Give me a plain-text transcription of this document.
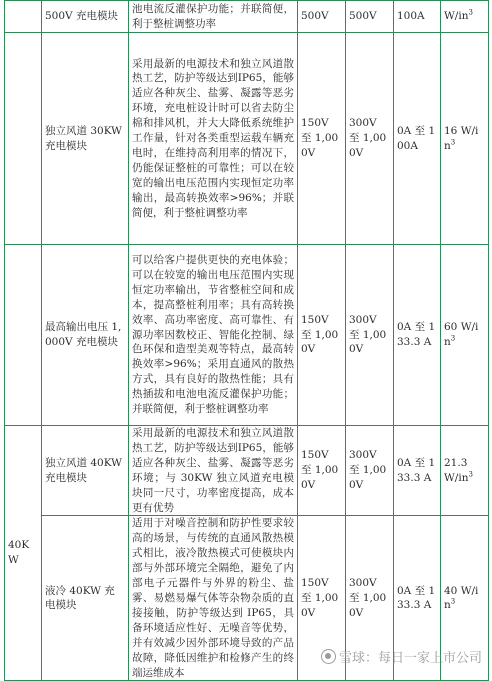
	500V 充电模块	池电流反灌保护功能；并联简便，利于整桩调整功率	500V	500V	100A	$W/in^3$
	独立风道 30KW 充电模块	采用最新的电源技术和独立风道散热工艺，防护等级达到IP65，能够适应各种灰尘、盐雾、凝露等恶劣环境，充电桩设计时可以省去防尘棉和排风机，并大大降低系统维护工作量，针对各类重型运载车辆充电时，在维持高利用率的情况下，仍能保证整桩的可靠性；可以在较宽的输出电压范围内实现恒定功率输出，最高转换效率>96%；并联简便，利于整桩调整功率	150V 至 1,000V	300V 至 1,000V	0A 至 100A	16 $W/in^3$
	最高输出电压 1,000V 充电模块	可以给客户提供更快的充电体验；可以在较宽的输出电压范围内实现恒定功率输出，节省整桩空间和成本，提高整桩利用率；具有高转换效率、高功率密度、高可靠性、有源功率因数校正、智能化控制、绿色环保和造型美观等特点，最高转换效率>96%；采用直通风的散热方式，具有良好的散热性能；具有热插拔和电池电流反灌保护功能；并联简便，利于整桩调整功率	150V 至 1,000V	300V 至 1,000V	0A 至 133.3 A	60 $W/in^3$
40KW	独立风道 40KW 充电模块	采用最新的电源技术和独立风道散热工艺，防护等级达到IP65，能够适应各种灰尘、盐雾、凝露等恶劣环境；与 30KW 独立风道充电模块同一尺寸，功率密度提高，成本更有优势	150V 至 1,000V	300V 至 1,000V	0A 至 133.3 A	21.3 $W/in^3$
	液冷 40KW 充电模块	适用于对噪音控制和防护性要求较高的场景，与传统的直通风散热模式相比，液冷散热模式可使模块内部与外部环境完全隔绝，避免了内部电子元器件与外界的粉尘、盐雾、易燃易爆气体等杂物杂质的直接接触，防护等级达到 IP65，具备环境适应性好、无噪音等优势，并有效减少因外部环境导致的产品故障，降低因维护和检修产生的终端运维成本	150V 至 1,000V	300V 至 1,000V	0A 至 133.3 A	40 $W/in^3$
雪球：每日一家上市公司
